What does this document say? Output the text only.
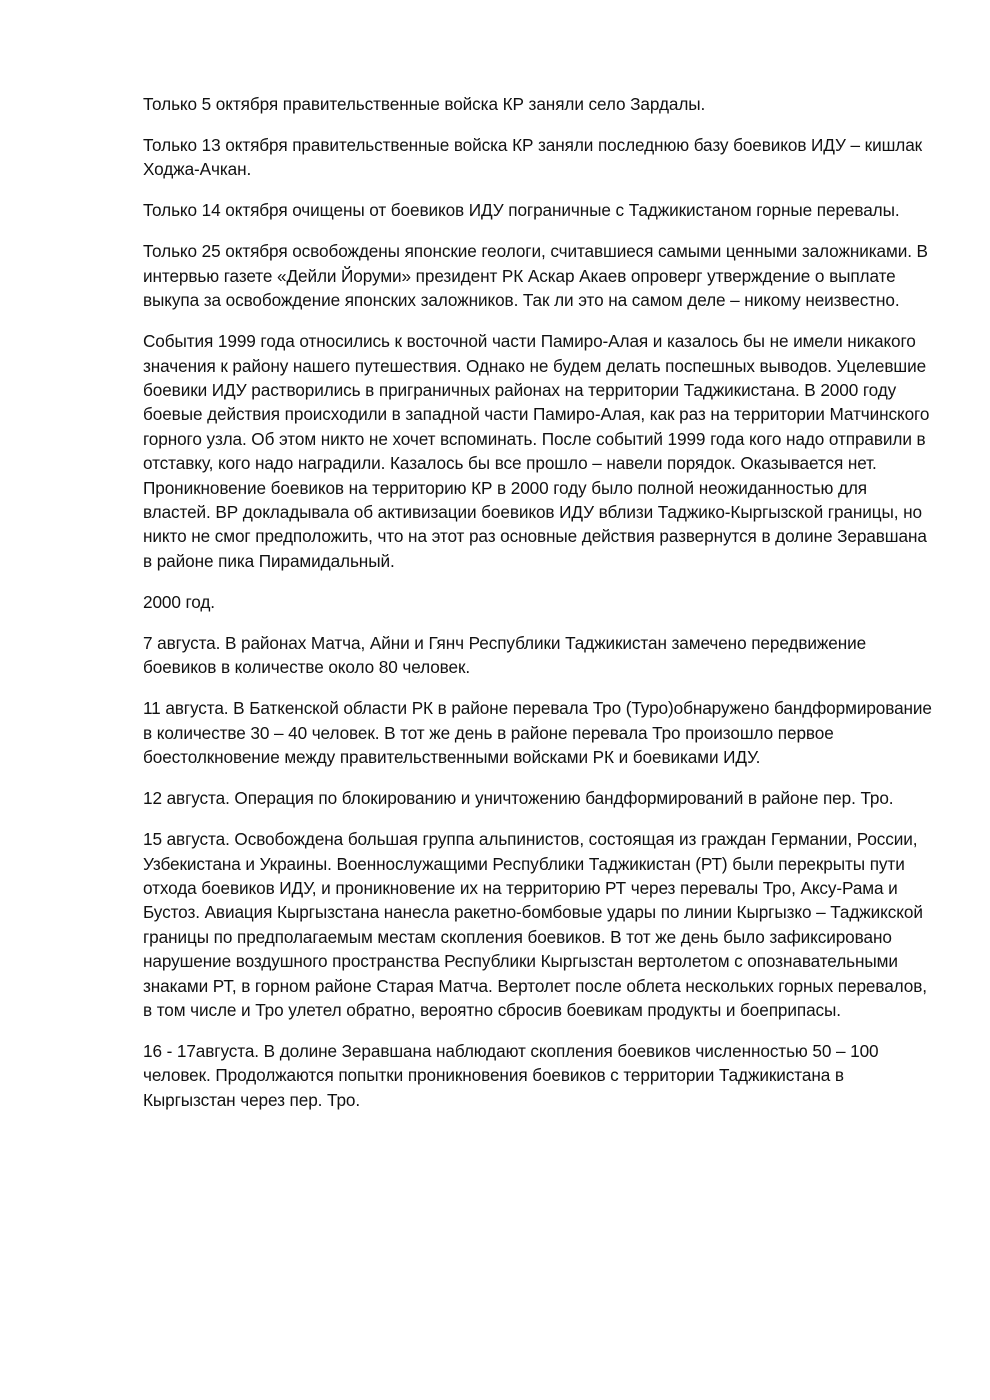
Только 5 октября правительственные войска КР заняли село Зардалы.

Только 13 октября правительственные войска КР заняли последнюю базу боевиков ИДУ – кишлак Ходжа-Ачкан.

Только 14 октября очищены от боевиков ИДУ пограничные с Таджикистаном горные перевалы.

Только 25 октября освобождены японские геологи, считавшиеся самыми ценными заложниками. В интервью газете «Дейли Йоруми» президент РК Аскар Акаев опроверг утверждение о выплате выкупа за освобождение японских заложников. Так ли это на самом деле – никому неизвестно.

События 1999 года относились к восточной части Памиро-Алая и казалось бы не имели никакого значения к району нашего путешествия. Однако не будем делать поспешных выводов. Уцелевшие боевики ИДУ растворились в приграничных районах на территории Таджикистана. В 2000 году боевые действия происходили в западной части Памиро-Алая, как раз на территории Матчинского горного узла. Об этом никто не хочет вспоминать. После событий 1999 года кого надо отправили в отставку, кого надо наградили. Казалось бы все прошло – навели порядок. Оказывается нет. Проникновение боевиков на территорию КР в 2000 году было полной неожиданностью для властей. ВР докладывала об активизации боевиков ИДУ вблизи Таджико-Кыргызской границы, но никто не смог предположить, что на этот раз основные действия развернутся в долине Зеравшана в районе пика Пирамидальный.

2000 год.

7 августа. В районах Матча, Айни и Гянч Республики Таджикистан замечено передвижение боевиков в количестве около 80 человек.

11 августа. В Баткенской области РК в районе перевала Тро (Туро)обнаружено бандформирование в количестве 30 – 40 человек. В тот же день в районе перевала Тро произошло первое боестолкновение между правительственными войсками РК и боевиками ИДУ.

12 августа. Операция по блокированию и уничтожению бандформирований в районе пер. Тро.

15 августа. Освобождена большая группа альпинистов, состоящая из граждан Германии, России, Узбекистана и Украины. Военнослужащими Республики Таджикистан (РТ) были перекрыты пути отхода боевиков ИДУ, и проникновение их на территорию РТ через перевалы Тро, Аксу-Рама и Бустоз. Авиация Кыргызстана нанесла ракетно-бомбовые удары по линии Кыргызко – Таджикской границы по предполагаемым местам скопления боевиков. В тот же день было зафиксировано нарушение воздушного пространства Республики Кыргызстан вертолетом с опознавательными знаками РТ, в горном районе Старая Матча. Вертолет после облета нескольких горных перевалов, в том числе и Тро улетел обратно, вероятно сбросив боевикам продукты и боеприпасы.

16 - 17августа. В долине Зеравшана наблюдают скопления боевиков численностью 50 – 100 человек. Продолжаются попытки проникновения боевиков с территории Таджикистана в Кыргызстан через пер. Тро.
